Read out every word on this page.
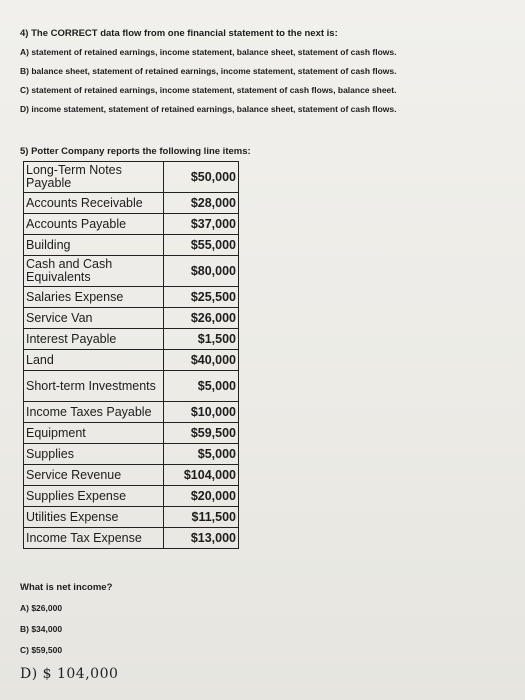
4) The CORRECT data flow from one financial statement to the next is:
A) statement of retained earnings, income statement, balance sheet, statement of cash flows.
B) balance sheet, statement of retained earnings, income statement, statement of cash flows.
C) statement of retained earnings, income statement, statement of cash flows, balance sheet.
D) income statement, statement of retained earnings, balance sheet, statement of cash flows.
5) Potter Company reports the following line items:
Long-Term Notes Payable	$50,000
Accounts Receivable	$28,000
Accounts Payable	$37,000
Building	$55,000
Cash and Cash Equivalents	$80,000
Salaries Expense	$25,500
Service Van	$26,000
Interest Payable	$1,500
Land	$40,000
Short-term Investments	$5,000
Income Taxes Payable	$10,000
Equipment	$59,500
Supplies	$5,000
Service Revenue	$104,000
Supplies Expense	$20,000
Utilities Expense	$11,500
Income Tax Expense	$13,000
What is net income?
A) $26,000
B) $34,000
C) $59,500
D) $ 104,000
